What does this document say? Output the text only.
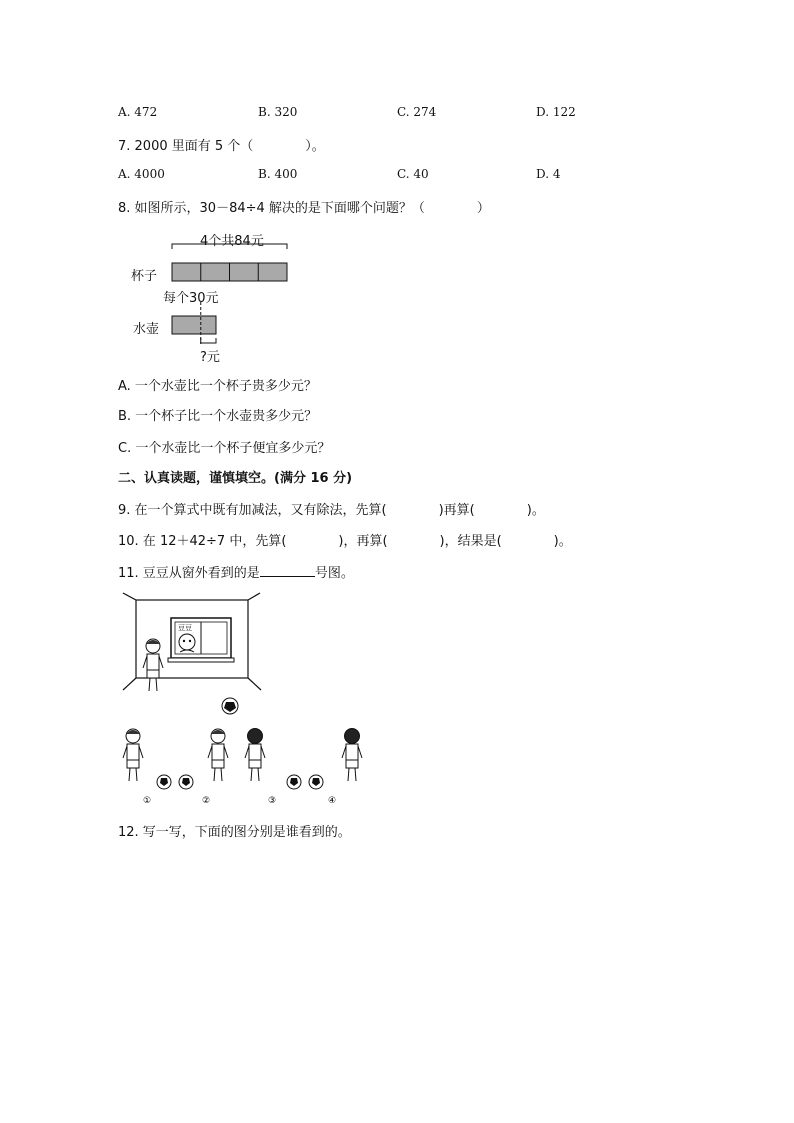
A. 472	B. 320	C. 274	D. 122
7. 2000 里面有 5 个（　　　　）。
A. 4000	B. 400	C. 40	D. 4
8. 如图所示，30－84÷4 解决的是下面哪个问题？（　　　　）
4个共84元
杯子
每个30元
水壶
?元
A. 一个水壶比一个杯子贵多少元？
B. 一个杯子比一个水壶贵多少元？
C. 一个水壶比一个杯子便宜多少元？
二、认真读题，谨慎填空。(满分 16 分)
9. 在一个算式中既有加减法，又有除法，先算(　　　　)再算(　　　　)。
10. 在 12＋42÷7 中，先算(　　　　)，再算(　　　　)，结果是(　　　　)。
11. 豆豆从窗外看到的是	号图。
豆豆
①	②	③	④
12. 写一写，下面的图分别是谁看到的。
